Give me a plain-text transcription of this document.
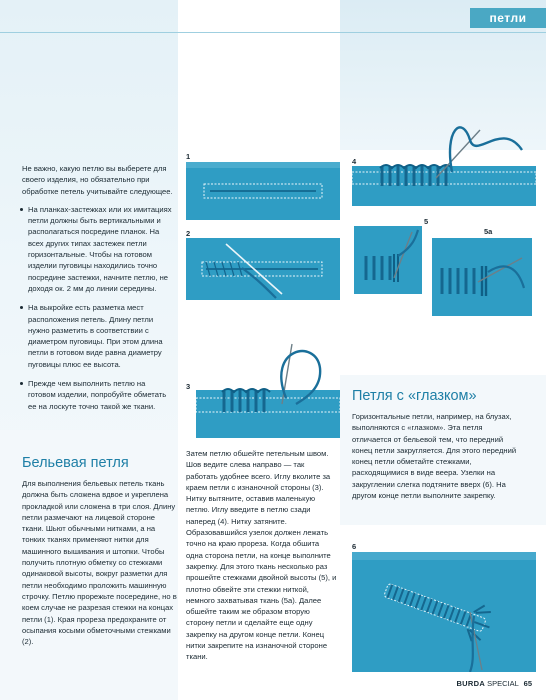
петли

Не важно, какую петлю вы выберете для своего изделия, но обязательно при обработке петель учитывайте следующее.

На планках-застежках или их имитациях петли должны быть вертикальными и располагаться посредине планок. На всех других типах застежек петли горизонтальные. Чтобы на готовом изделии пуговицы находились точно посредине застежки, начните петлю, не доходя ок. 2 мм до линии середины.
На выкройке есть разметка мест расположения петель. Длину петли нужно разметить в соответствии с диаметром пуговицы. При этом длина петли в готовом виде равна диаметру пуговицы плюс ее высота.
Прежде чем выполнить петлю на готовом изделии, попробуйте обметать ее на лоскуте точно такой же ткани.
Бельевая петля
Для выполнения бельевых петель ткань должна быть сложена вдвое и укреплена прокладкой или сложена в три слоя. Длину петли размечают на лицевой стороне ткани. Шьют обычными нитками, а на тонких тканях применяют нитки для машинного вышивания и штопки. Чтобы получить плотную обметку со стежками одинаковой высоты, вокруг разметки для петли необходимо проложить машинную строчку. Петлю прорежьте посередине, но в коем случае не разрезая стежки на концах петли (1). Края прореза предохраните от осыпания косыми обметочными стежками (2).
Затем петлю обшейте петельным швом. Шов ведите слева направо — так работать удобнее всего. Иглу вколите за краем петли с изнаночной стороны (3). Нитку вытяните, оставив маленькую петлю. Иглу введите в петлю сзади наперед (4). Нитку затяните. Образовавшийся узелок должен лежать точно на краю прореза. Когда обшита одна сторона петли, на конце выполните закрепку. Для этого ткань несколько раз прошейте стежками двойной высоты (5), и плотно обвейте эти стежки ниткой, немного захватывая ткань (5a). Далее обшейте таким же образом вторую сторону петли и сделайте еще одну закрепку на другом конце петли. Конец нитки закрепите на изнаночной стороне ткани.
Петля с «глазком»
Горизонтальные петли, например, на блузах, выполняются с «глазком». Эта петля отличается от бельевой тем, что передний конец петли закругляется. Для этого передний конец петли обметайте стежками, расходящимися в виде веера. Узелки на закруглении слегка подтяните вверх (6). На другом конце петли выполните закрепку.
1
2
3
4
5
5a
6
BURDA SPECIAL 65
